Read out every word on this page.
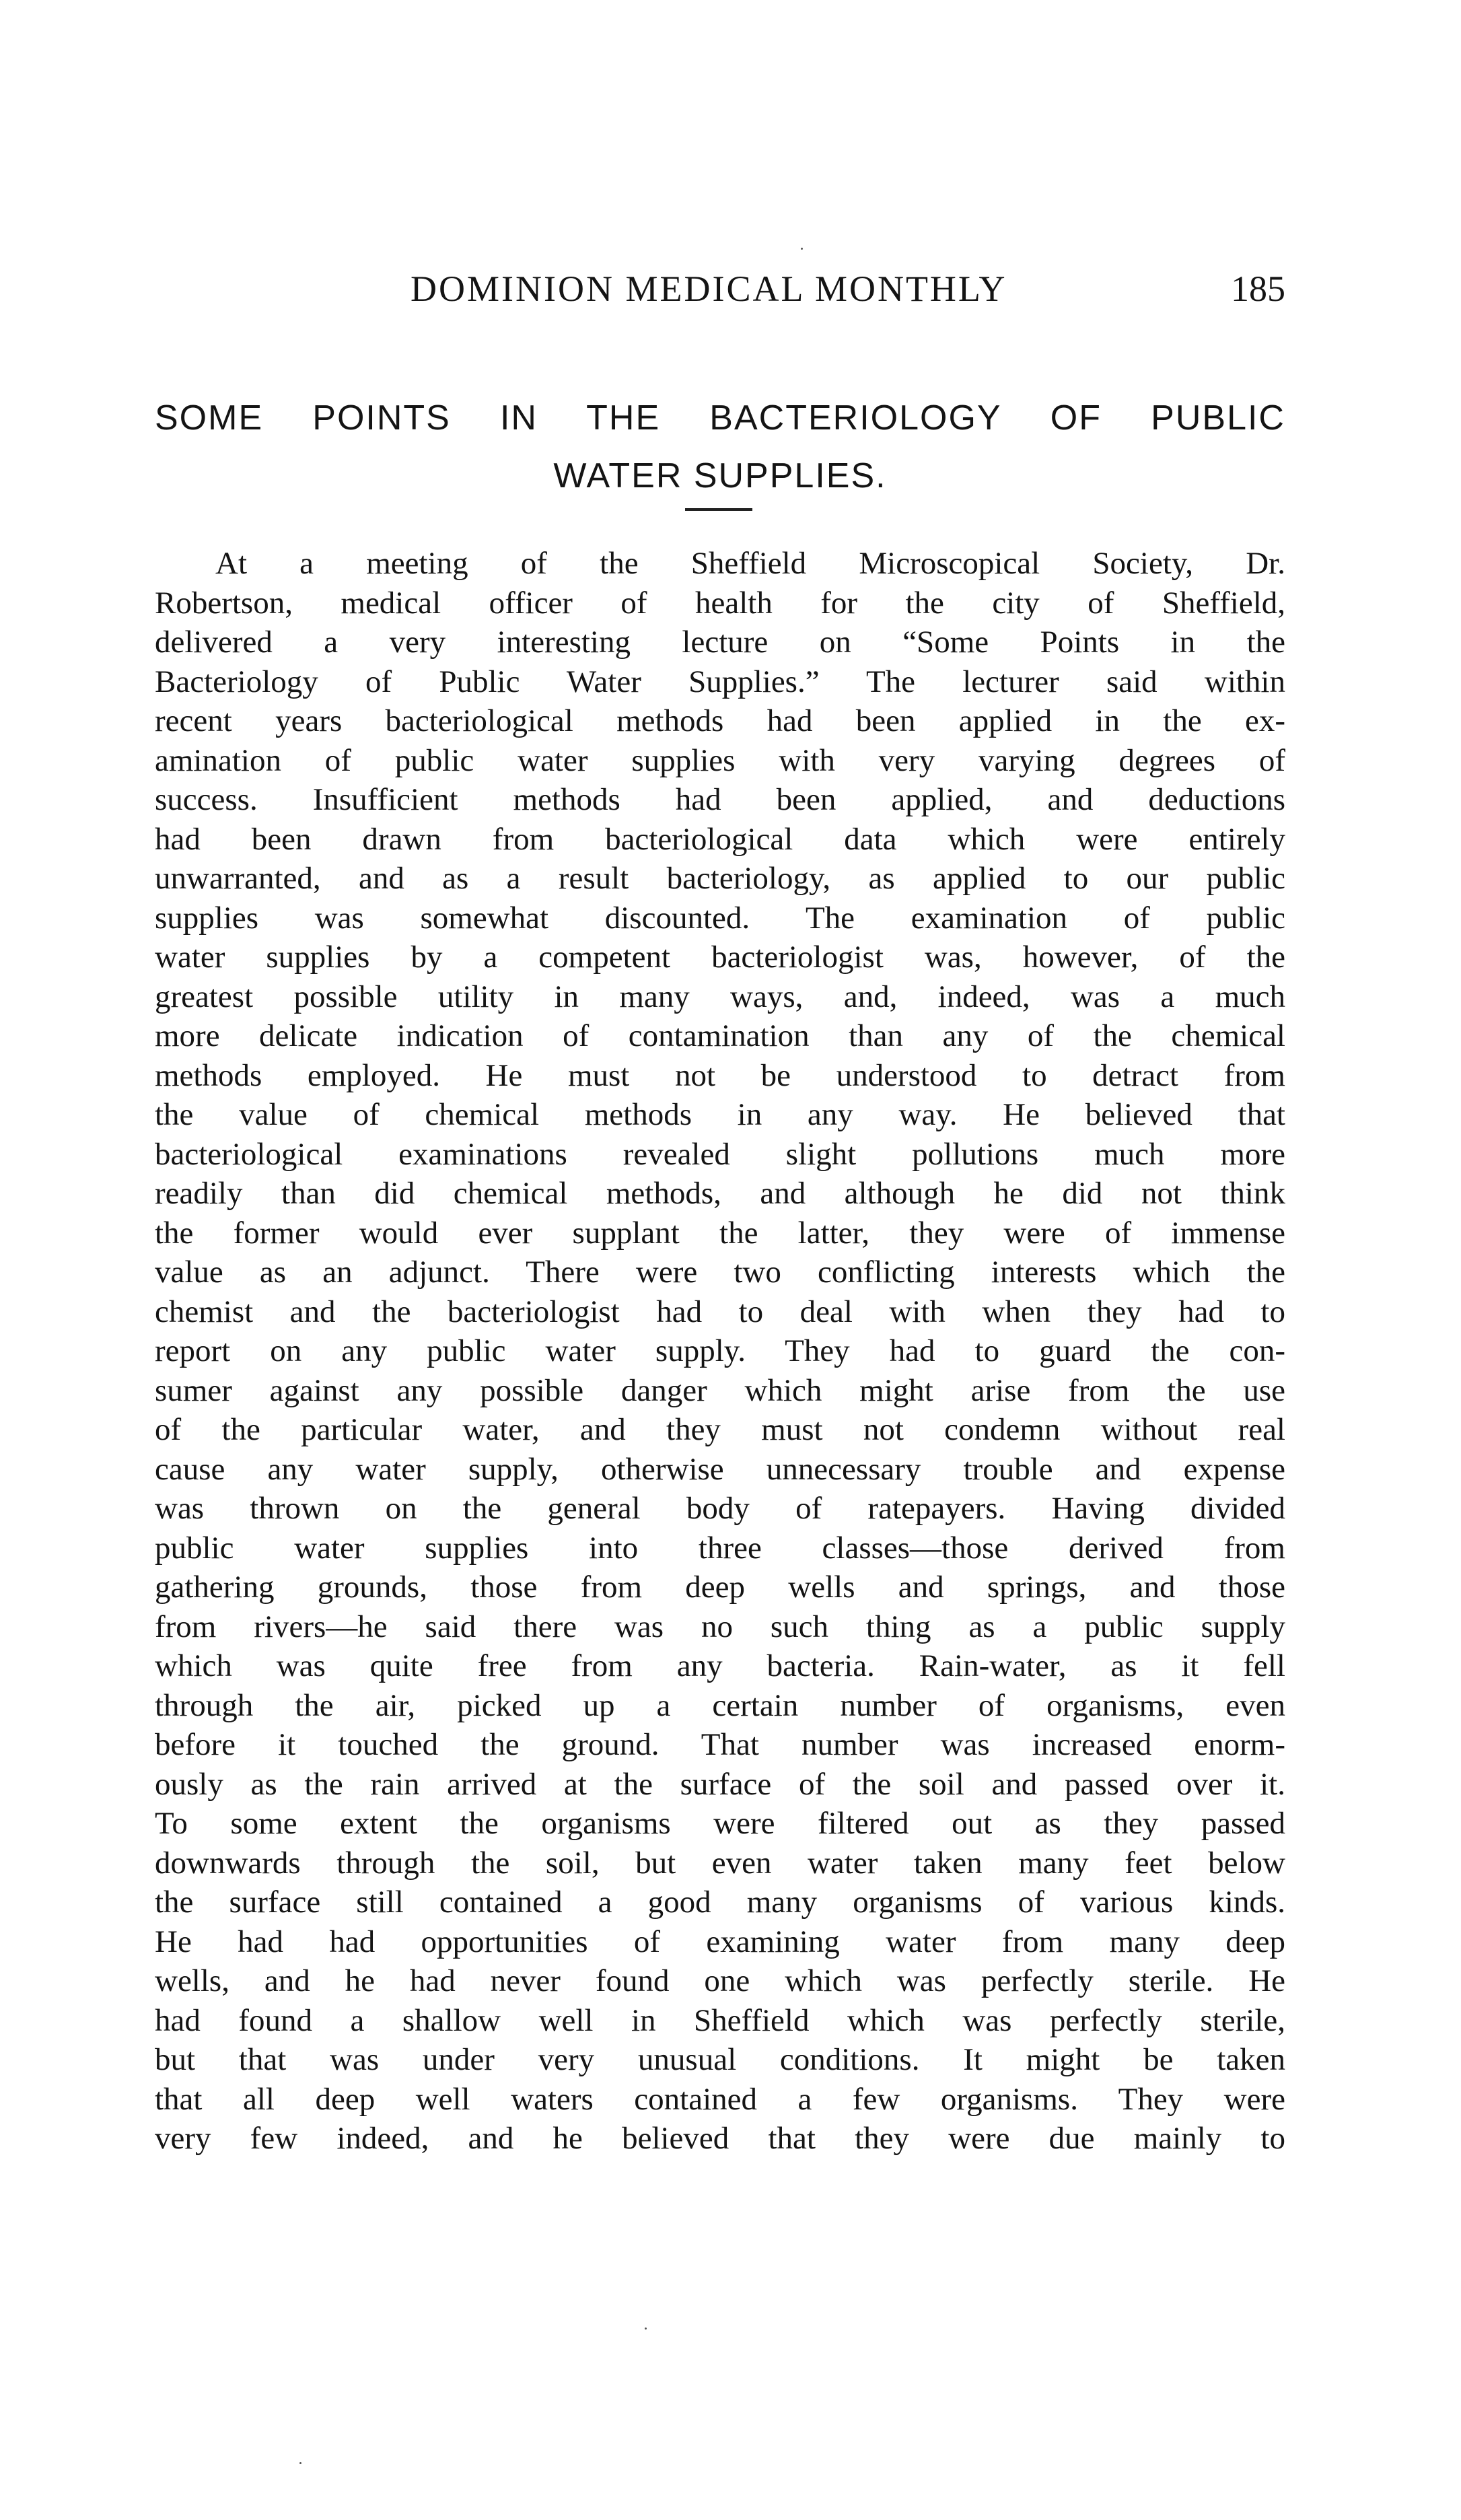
DOMINION MEDICAL MONTHLY	185
SOME POINTS IN THE BACTERIOLOGY OF PUBLIC
WATER SUPPLIES.
At a meeting of the Sheffield Microscopical Society, Dr.
Robertson, medical officer of health for the city of Sheffield,
delivered a very interesting lecture on “Some Points in the
Bacteriology of Public Water Supplies.” The lecturer said within
recent years bacteriological methods had been applied in the ex-
amination of public water supplies with very varying degrees of
success. Insufficient methods had been applied, and deductions
had been drawn from bacteriological data which were entirely
unwarranted, and as a result bacteriology, as applied to our public
supplies was somewhat discounted. The examination of public
water supplies by a competent bacteriologist was, however, of the
greatest possible utility in many ways, and, indeed, was a much
more delicate indication of contamination than any of the chemical
methods employed. He must not be understood to detract from
the value of chemical methods in any way. He believed that
bacteriological examinations revealed slight pollutions much more
readily than did chemical methods, and although he did not think
the former would ever supplant the latter, they were of immense
value as an adjunct. There were two conflicting interests which the
chemist and the bacteriologist had to deal with when they had to
report on any public water supply. They had to guard the con-
sumer against any possible danger which might arise from the use
of the particular water, and they must not condemn without real
cause any water supply, otherwise unnecessary trouble and expense
was thrown on the general body of ratepayers. Having divided
public water supplies into three classes—those derived from
gathering grounds, those from deep wells and springs, and those
from rivers—he said there was no such thing as a public supply
which was quite free from any bacteria. Rain-water, as it fell
through the air, picked up a certain number of organisms, even
before it touched the ground. That number was increased enorm-
ously as the rain arrived at the surface of the soil and passed over it.
To some extent the organisms were filtered out as they passed
downwards through the soil, but even water taken many feet below
the surface still contained a good many organisms of various kinds.
He had had opportunities of examining water from many deep
wells, and he had never found one which was perfectly sterile. He
had found a shallow well in Sheffield which was perfectly sterile,
but that was under very unusual conditions. It might be taken
that all deep well waters contained a few organisms. They were
very few indeed, and he believed that they were due mainly to
